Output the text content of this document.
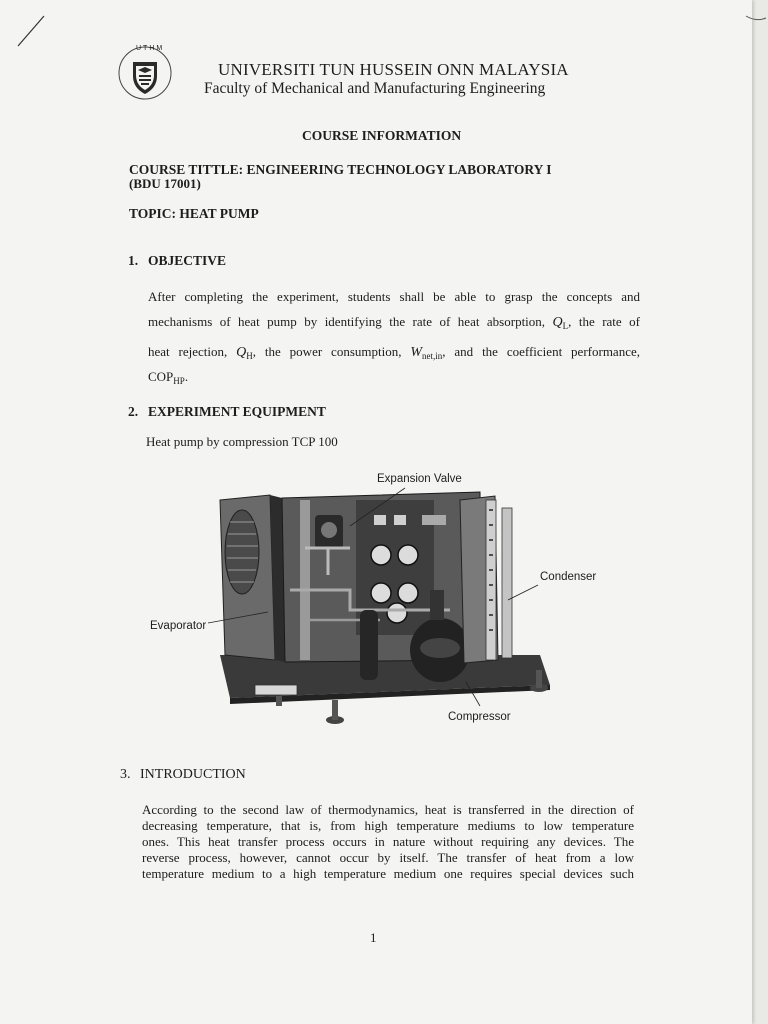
UTHM
UNIVERSITI TUN HUSSEIN ONN MALAYSIA
Faculty of Mechanical and Manufacturing Engineering
COURSE INFORMATION
COURSE TITTLE: ENGINEERING TECHNOLOGY LABORATORY I
(BDU 17001)
TOPIC: HEAT PUMP
1. OBJECTIVE
After completing the experiment, students shall be able to grasp the concepts and
mechanisms of heat pump by identifying the rate of heat absorption, $Q_L$, the rate of
heat rejection, $Q_H$, the power consumption, $W_{net,in}$, and the coefficient performance,
$COP_{HP}$.
2. EXPERIMENT EQUIPMENT
Heat pump by compression TCP 100
Expansion Valve
Condenser
Evaporator
Compressor
3. INTRODUCTION
According to the second law of thermodynamics, heat is transferred in the direction of
decreasing temperature, that is, from high temperature mediums to low temperature
ones. This heat transfer process occurs in nature without requiring any devices. The
reverse process, however, cannot occur by itself. The transfer of heat from a low
temperature medium to a high temperature medium one requires special devices such
1
